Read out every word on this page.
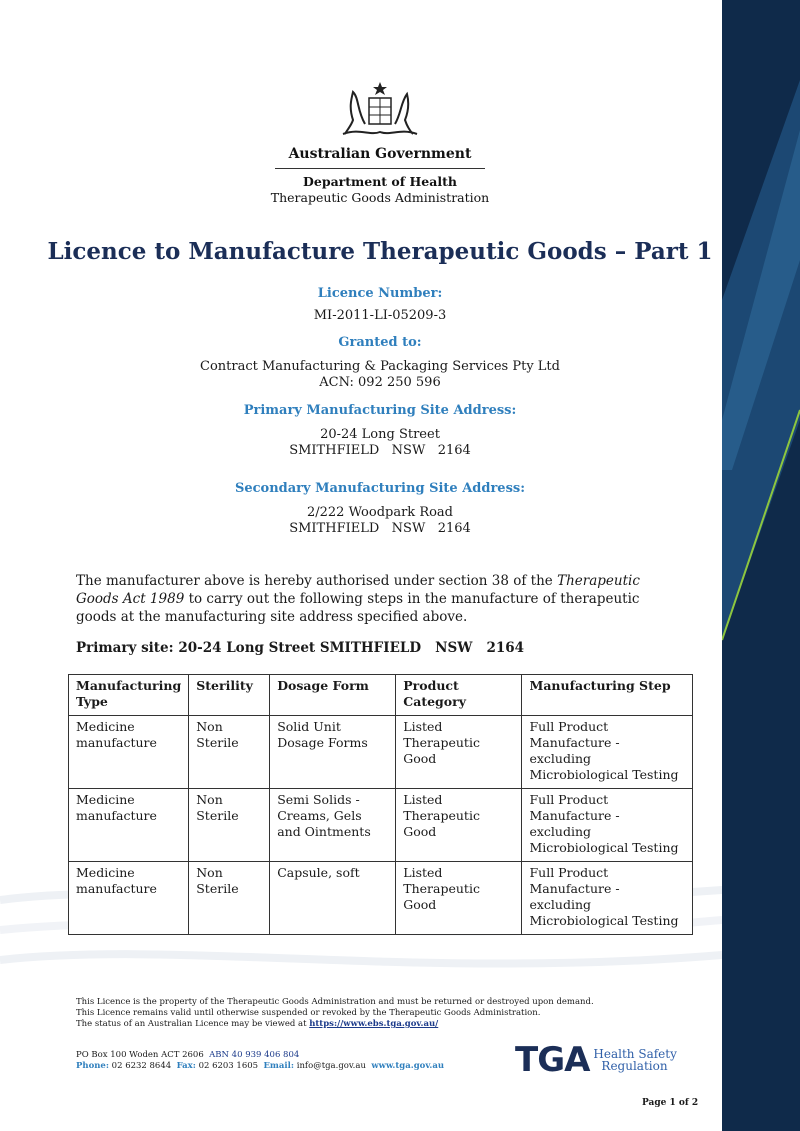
Australian Government
Department of Health
Therapeutic Goods Administration
Licence to Manufacture Therapeutic Goods – Part 1
Licence Number:
MI-2011-LI-05209-3
Granted to:
Contract Manufacturing & Packaging Services Pty Ltd
ACN: 092 250 596
Primary Manufacturing Site Address:
20-24 Long Street
SMITHFIELD   NSW   2164
Secondary Manufacturing Site Address:
2/222 Woodpark Road
SMITHFIELD   NSW   2164
The manufacturer above is hereby authorised under section 38 of the Therapeutic Goods Act 1989 to carry out the following steps in the manufacture of therapeutic goods at the manufacturing site address specified above.
Primary site: 20-24 Long Street SMITHFIELD   NSW   2164
Manufacturing Type	Sterility	Dosage Form	Product Category	Manufacturing Step
Medicine manufacture	Non Sterile	Solid Unit Dosage Forms	Listed Therapeutic Good	Full Product Manufacture - excluding Microbiological Testing
Medicine manufacture	Non Sterile	Semi Solids - Creams, Gels and Ointments	Listed Therapeutic Good	Full Product Manufacture - excluding Microbiological Testing
Medicine manufacture	Non Sterile	Capsule, soft	Listed Therapeutic Good	Full Product Manufacture - excluding Microbiological Testing
This Licence is the property of the Therapeutic Goods Administration and must be returned or destroyed upon demand.
This Licence remains valid until otherwise suspended or revoked by the Therapeutic Goods Administration.
The status of an Australian Licence may be viewed at https://www.ebs.tga.gov.au/
PO Box 100 Woden ACT 2606 ABN 40 939 406 804
Phone: 02 6232 8644 Fax: 02 6203 1605 Email: info@tga.gov.au www.tga.gov.au TGA Health Safety
Regulation
Page 1 of 2
